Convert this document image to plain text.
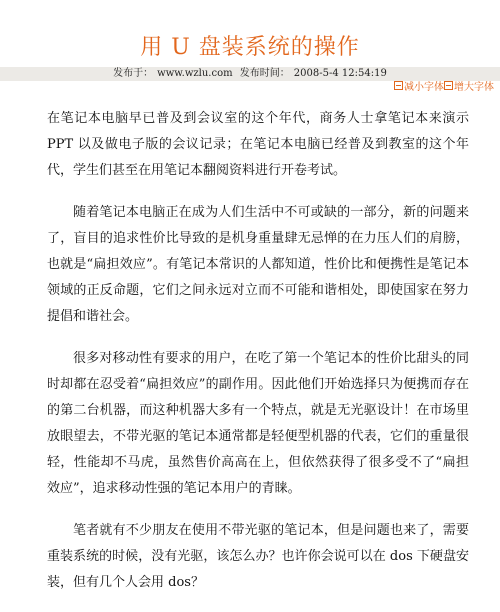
用 U 盘装系统的操作
发布于： www.wzlu.com 发布时间： 2008-5-4 12:54:19
减小字体 增大字体

在笔记本电脑早已普及到会议室的这个年代，商务人士拿笔记本来演示 PPT 以及做电子版的会议记录；在笔记本电脑已经普及到教室的这个年代，学生们甚至在用笔记本翻阅资料进行开卷考试。

随着笔记本电脑正在成为人们生活中不可或缺的一部分，新的问题来了，盲目的追求性价比导致的是机身重量肆无忌惮的在力压人们的肩膀，也就是“扁担效应”。有笔记本常识的人都知道，性价比和便携性是笔记本领域的正反命题，它们之间永远对立而不可能和谐相处，即使国家在努力提倡和谐社会。

很多对移动性有要求的用户，在吃了第一个笔记本的性价比甜头的同时却都在忍受着“扁担效应”的副作用。因此他们开始选择只为便携而存在的第二台机器，而这种机器大多有一个特点，就是无光驱设计！在市场里放眼望去，不带光驱的笔记本通常都是轻便型机器的代表，它们的重量很轻，性能却不马虎，虽然售价高高在上，但依然获得了很多受不了“扁担效应”，追求移动性强的笔记本用户的青睐。

笔者就有不少朋友在使用不带光驱的笔记本，但是问题也来了，需要重装系统的时候，没有光驱，该怎么办？也许你会说可以在 dos 下硬盘安装，但有几个人会用 dos？
